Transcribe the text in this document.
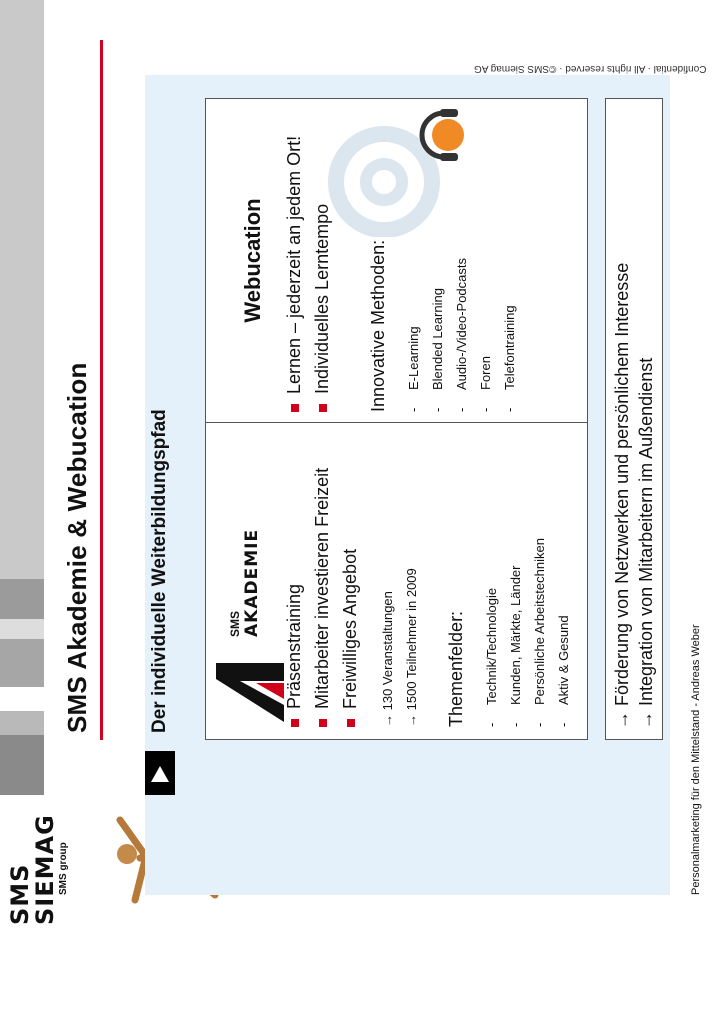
SMS
SIEMAG SMS group
SMS Akademie & Webucation	Der individuelle Weiterbildungspfad	SMS AKADEMIE
Präsenstraining Mitarbeiter investieren Freizeit Freiwilliges Angebot
→ 130 Veranstaltungen
→ 1500 Teilnehmer in 2009 Themenfelder:	-Technik/Technologie
-Kunden, Märkte, Länder
-Persönliche Arbeitstechniken
-Aktiv & Gesund
Webucation Lernen – jederzeit an jedem Ort! Individuelles Lerntempo Innovative Methoden:	-E-Learning
-Blended Learning
-Audio-/Video-Podcasts
-Foren
-Telefontraining
→ Förderung von Netzwerken und persönlichem Interesse
→ Integration von Mitarbeitern im Außendienst
Personalmarketing für den Mittelstand - Andreas Weber
Confidential · All rights reserved · ©SMS Siemag AG
